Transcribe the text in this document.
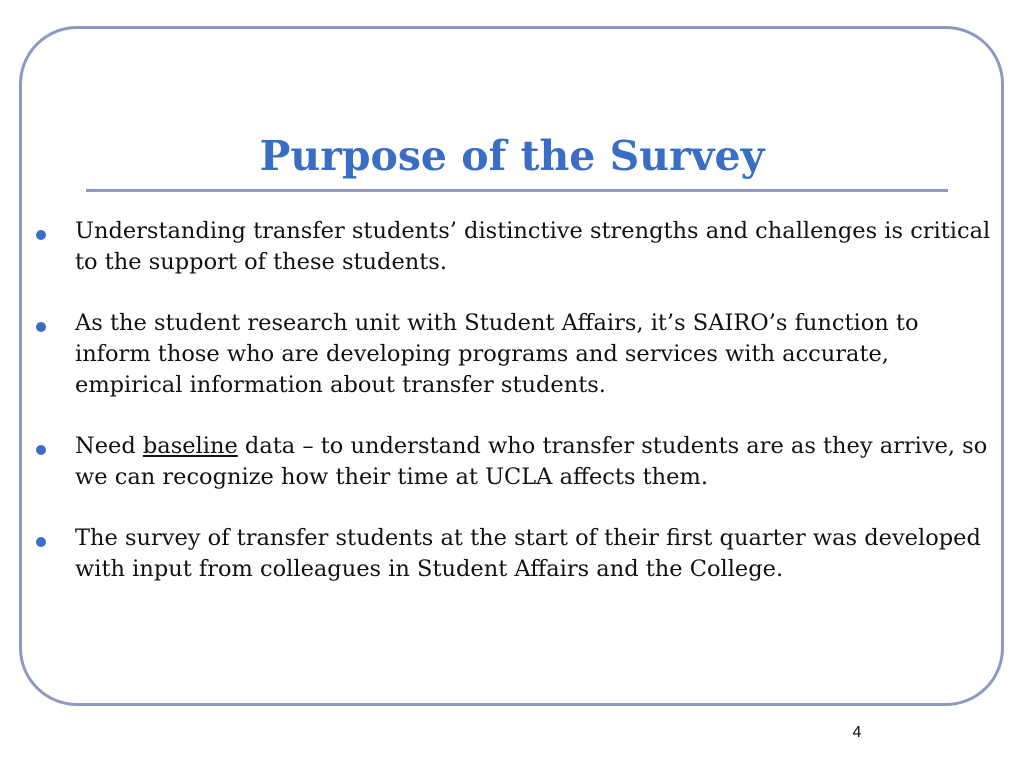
Purpose of the Survey
Understanding transfer students’ distinctive strengths and challenges is critical to the support of these students.
As the student research unit with Student Affairs, it’s SAIRO’s function to inform those who are developing programs and services with accurate, empirical information about transfer students.
Need baseline data – to understand who transfer students are as they arrive, so we can recognize how their time at UCLA affects them.
The survey of transfer students at the start of their first quarter was developed with input from colleagues in Student Affairs and the College.
4
